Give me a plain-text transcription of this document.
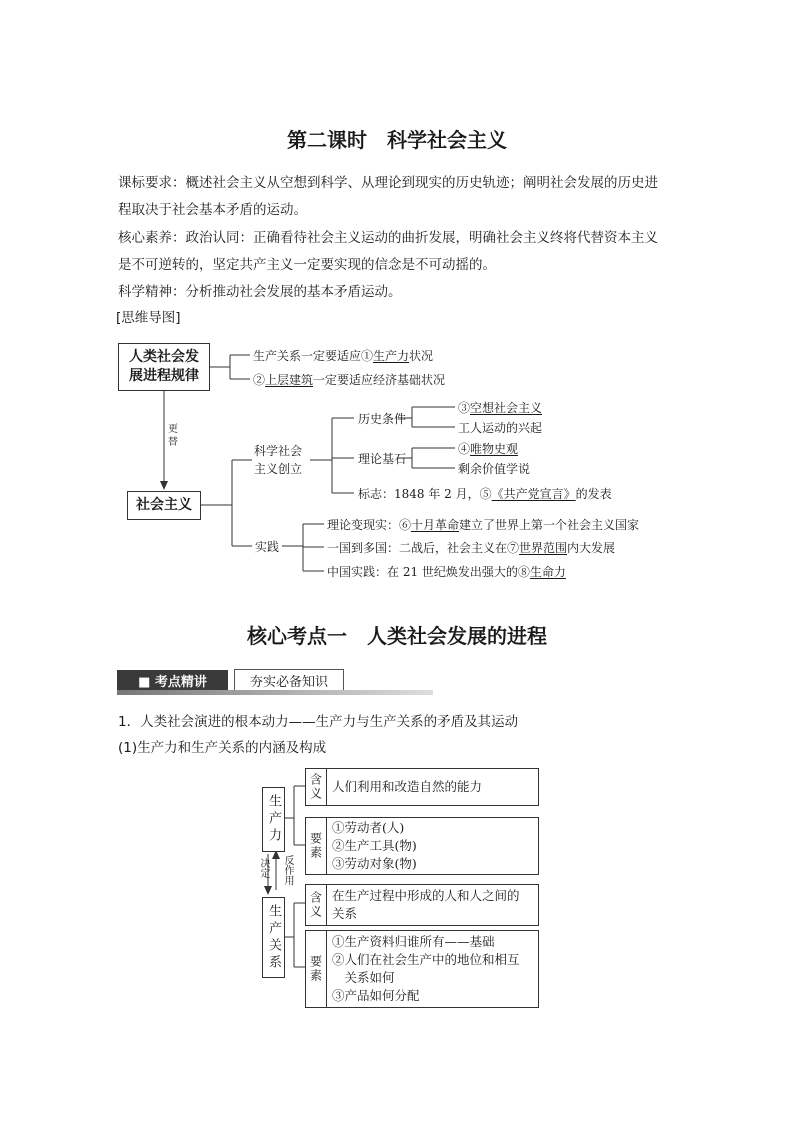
第二课时　科学社会主义
课标要求：概述社会主义从空想到科学、从理论到现实的历史轨迹；阐明社会发展的历史进
程取决于社会基本矛盾的运动。
核心素养：政治认同：正确看待社会主义运动的曲折发展，明确社会主义终将代替资本主义
是不可逆转的，坚定共产主义一定要实现的信念是不可动摇的。
科学精神：分析推动社会发展的基本矛盾运动。
[思维导图]
人类社会发
展进程规律
更
替
社会主义
生产关系一定要适应①生产力状况
②上层建筑一定要适应经济基础状况
科学社会
主义创立
历史条件
③空想社会主义
工人运动的兴起
理论基石
④唯物史观
剩余价值学说
标志：1848 年 2 月，⑤《共产党宣言》的发表
实践
理论变现实：⑥十月革命建立了世界上第一个社会主义国家
一国到多国：二战后，社会主义在⑦世界范围内大发展
中国实践：在 21 世纪焕发出强大的⑧生命力
核心考点一　人类社会发展的进程
■ 考点精讲	夯实必备知识
1．人类社会演进的根本动力——生产力与生产关系的矛盾及其运动
(1)生产力和生产关系的内涵及构成
生产力
生产关系
决定 反作用
含义 人们利用和改造自然的能力
要素
①劳动者(人)
②生产工具(物)
③劳动对象(物)
含义 在生产过程中形成的人和人之间的
关系
要素
①生产资料归谁所有——基础
②人们在社会生产中的地位和相互
　关系如何
③产品如何分配
